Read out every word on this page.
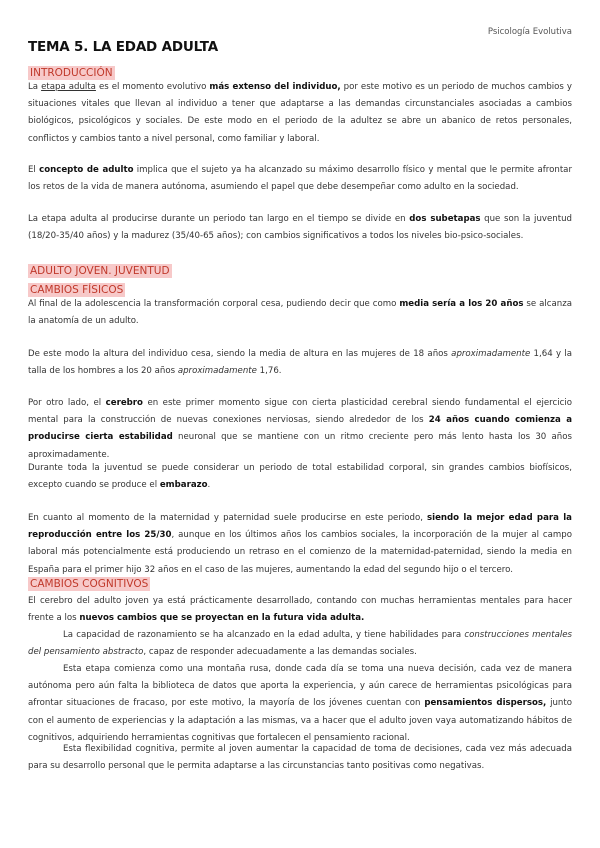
Psicología Evolutiva
TEMA 5. LA EDAD ADULTA
INTRODUCCIÓN

La etapa adulta es el momento evolutivo más extenso del individuo, por este motivo es un periodo de muchos cambios y situaciones vitales que llevan al individuo a tener que adaptarse a las demandas circunstanciales asociadas a cambios biológicos, psicológicos y sociales. De este modo en el periodo de la adultez se abre un abanico de retos personales, conflictos y cambios tanto a nivel personal, como familiar y laboral.

El concepto de adulto implica que el sujeto ya ha alcanzado su máximo desarrollo físico y mental que le permite afrontar los retos de la vida de manera autónoma, asumiendo el papel que debe desempeñar como adulto en la sociedad.

La etapa adulta al producirse durante un periodo tan largo en el tiempo se divide en dos subetapas que son la juventud (18/20-35/40 años) y la madurez (35/40-65 años); con cambios significativos a todos los niveles bio-psico-sociales.

ADULTO JOVEN. JUVENTUD
CAMBIOS FÍSICOS

Al final de la adolescencia la transformación corporal cesa, pudiendo decir que como media sería a los 20 años se alcanza la anatomía de un adulto.

De este modo la altura del individuo cesa, siendo la media de altura en las mujeres de 18 años aproximadamente 1,64 y la talla de los hombres a los 20 años aproximadamente 1,76.

Por otro lado, el cerebro en este primer momento sigue con cierta plasticidad cerebral siendo fundamental el ejercicio mental para la construcción de nuevas conexiones nerviosas, siendo alrededor de los 24 años cuando comienza a producirse cierta estabilidad neuronal que se mantiene con un ritmo creciente pero más lento hasta los 30 años aproximadamente.

Durante toda la juventud se puede considerar un periodo de total estabilidad corporal, sin grandes cambios biofísicos, excepto cuando se produce el embarazo.

En cuanto al momento de la maternidad y paternidad suele producirse en este periodo, siendo la mejor edad para la reproducción entre los 25/30, aunque en los últimos años los cambios sociales, la incorporación de la mujer al campo laboral más potencialmente está produciendo un retraso en el comienzo de la maternidad-paternidad, siendo la media en España para el primer hijo 32 años en el caso de las mujeres, aumentando la edad del segundo hijo o el tercero.

CAMBIOS COGNITIVOS

El cerebro del adulto joven ya está prácticamente desarrollado, contando con muchas herramientas mentales para hacer frente a los nuevos cambios que se proyectan en la futura vida adulta.

La capacidad de razonamiento se ha alcanzado en la edad adulta, y tiene habilidades para construcciones mentales del pensamiento abstracto, capaz de responder adecuadamente a las demandas sociales.

Esta etapa comienza como una montaña rusa, donde cada día se toma una nueva decisión, cada vez de manera autónoma pero aún falta la biblioteca de datos que aporta la experiencia, y aún carece de herramientas psicológicas para afrontar situaciones de fracaso, por este motivo, la mayoría de los jóvenes cuentan con pensamientos dispersos, junto con el aumento de experiencias y la adaptación a las mismas, va a hacer que el adulto joven vaya automatizando hábitos de cognitivos, adquiriendo herramientas cognitivas que fortalecen el pensamiento racional.

Esta flexibilidad cognitiva, permite al joven aumentar la capacidad de toma de decisiones, cada vez más adecuada para su desarrollo personal que le permita adaptarse a las circunstancias tanto positivas como negativas.
